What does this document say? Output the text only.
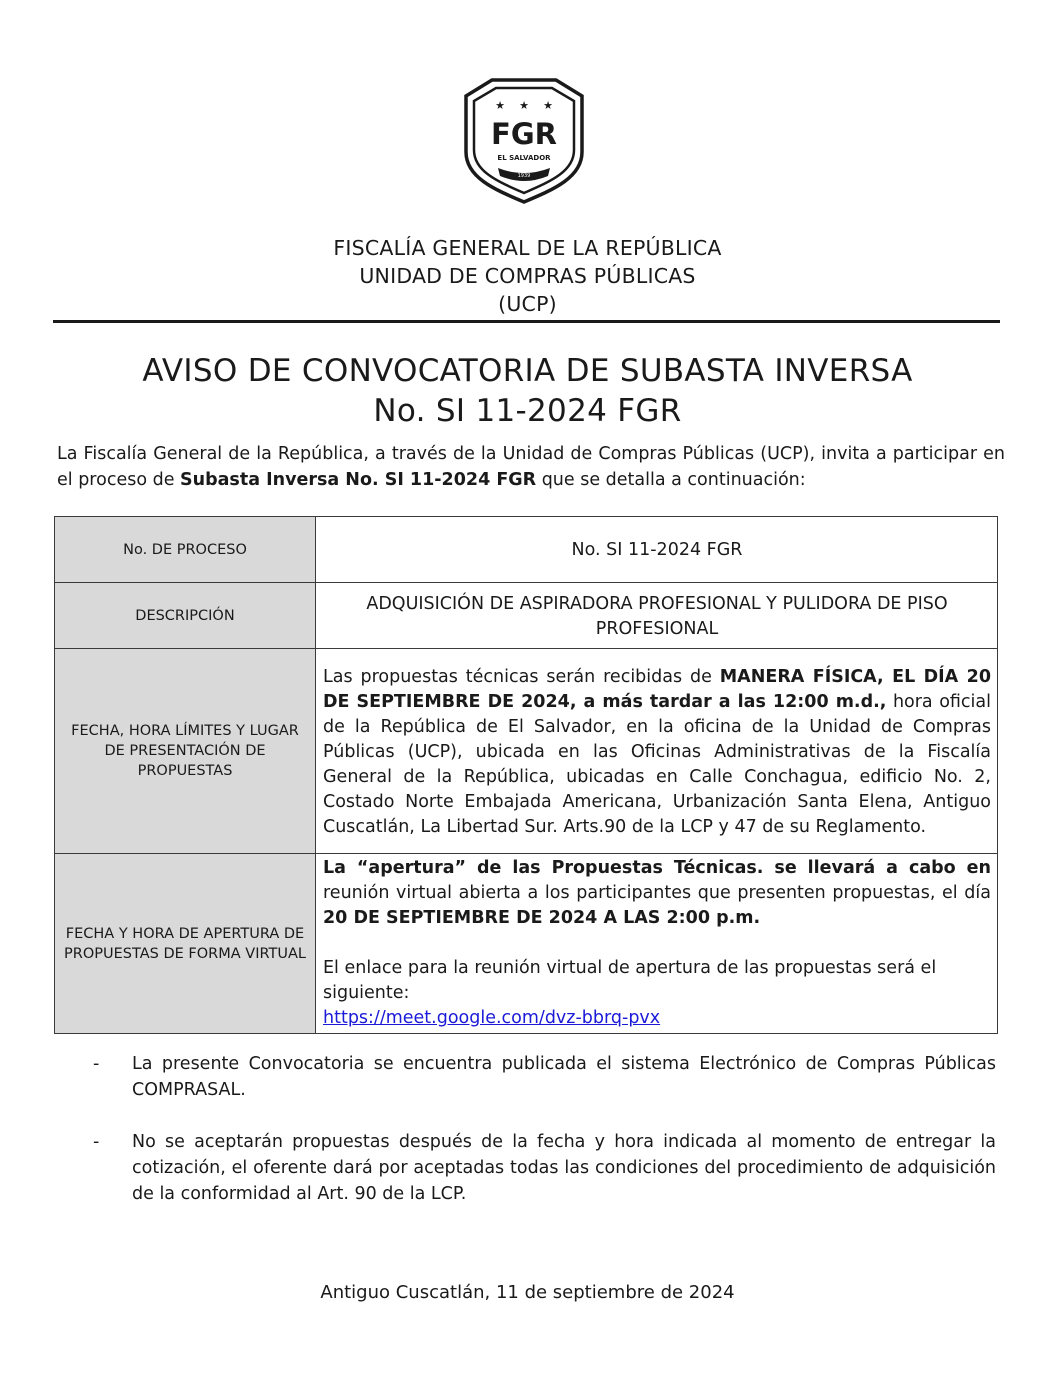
★ ★ ★
FGR
EL SALVADOR
1939
FISCALÍA GENERAL DE LA REPÚBLICA
UNIDAD DE COMPRAS PÚBLICAS
(UCP)
AVISO DE CONVOCATORIA DE SUBASTA INVERSA
No. SI 11-2024 FGR
La Fiscalía General de la República, a través de la Unidad de Compras Públicas (UCP), invita a participar en el proceso de Subasta Inversa No. SI 11-2024 FGR que se detalla a continuación:
No. DE PROCESO	No. SI 11-2024 FGR
DESCRIPCIÓN	ADQUISICIÓN DE ASPIRADORA PROFESIONAL Y PULIDORA DE PISO PROFESIONAL
FECHA, HORA LÍMITES Y LUGAR DE PRESENTACIÓN DE PROPUESTAS	Las propuestas técnicas serán recibidas de MANERA FÍSICA, EL DÍA 20 DE SEPTIEMBRE DE 2024, a más tardar a las 12:00 m.d., hora oficial de la República de El Salvador, en la oficina de la Unidad de Compras Públicas (UCP), ubicada en las Oficinas Administrativas de la Fiscalía General de la República, ubicadas en Calle Conchagua, edificio No. 2, Costado Norte Embajada Americana, Urbanización Santa Elena, Antiguo Cuscatlán, La Libertad Sur. Arts.90 de la LCP y 47 de su Reglamento.
FECHA Y HORA DE APERTURA DE PROPUESTAS DE FORMA VIRTUAL	La “apertura” de las Propuestas Técnicas. se llevará a cabo en reunión virtual abierta a los participantes que presenten propuestas, el día 20 DE SEPTIEMBRE DE 2024 A LAS 2:00 p.m.
El enlace para la reunión virtual de apertura de las propuestas será el siguiente:
https://meet.google.com/dvz-bbrq-pvx
- La presente Convocatoria se encuentra publicada el sistema Electrónico de Compras Públicas COMPRASAL.
- No se aceptarán propuestas después de la fecha y hora indicada al momento de entregar la cotización, el oferente dará por aceptadas todas las condiciones del procedimiento de adquisición de la conformidad al Art. 90 de la LCP.
Antiguo Cuscatlán, 11 de septiembre de 2024
